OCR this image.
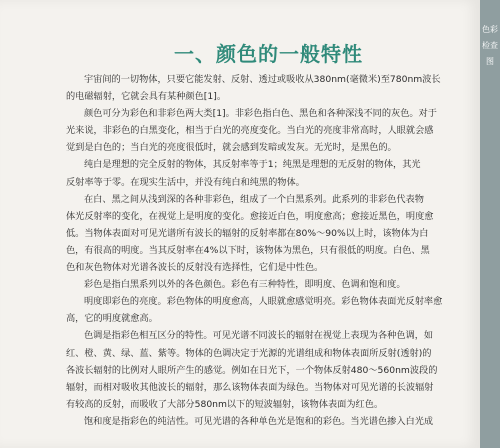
一、颜色的一般特性
宇宙间的一切物体，只要它能发射、反射、透过或吸收从380nm(毫微米)至780nm波长
的电磁辐射，它就会具有某种颜色[1]。
颜色可分为彩色和非彩色两大类[1]。非彩色指白色、黑色和各种深浅不同的灰色。对于
光来说，非彩色的白黑变化，相当于白光的亮度变化。当白光的亮度非常高时，人眼就会感
觉到是白色的；当白光的亮度很低时，就会感到发暗或发灰。无光时，是黑色的。
纯白是理想的完全反射的物体，其反射率等于1；纯黑是理想的无反射的物体，其光
反射率等于零。在现实生活中，并没有纯白和纯黑的物体。
在白、黑之间从浅到深的各种非彩色，组成了一个白黑系列。此系列的非彩色代表物
体光反射率的变化，在视觉上是明度的变化。愈接近白色，明度愈高；愈接近黑色，明度愈
低。当物体表面对可见光谱所有波长的辐射的反射率都在80%～90%以上时，该物体为白
色，有很高的明度。当其反射率在4%以下时，该物体为黑色，只有很低的明度。白色、黑
色和灰色物体对光谱各波长的反射没有选择性，它们是中性色。
彩色是指白黑系列以外的各色颜色。彩色有三种特性，即明度、色调和饱和度。
明度即彩色的亮度。彩色物体的明度愈高，人眼就愈感觉明亮。彩色物体表面光反射率愈
高，它的明度就愈高。
色调是指彩色相互区分的特性。可见光谱不同波长的辐射在视觉上表现为各种色调，如
红、橙、黄、绿、蓝、紫等。物体的色调决定于光源的光谱组成和物体表面所反射(透射)的
各波长辐射的比例对人眼所产生的感觉。例如在日光下，一个物体反射480～560nm波段的
辐射，而相对吸收其他波长的辐射，那么该物体表面为绿色。当物体对可见光谱的长波辐射
有较高的反射，而吸收了大部分580nm以下的短波辐射，该物体表面为红色。
饱和度是指彩色的纯洁性。可见光谱的各种单色光是饱和的彩色。当光谱色掺入白光成
色彩检查图
